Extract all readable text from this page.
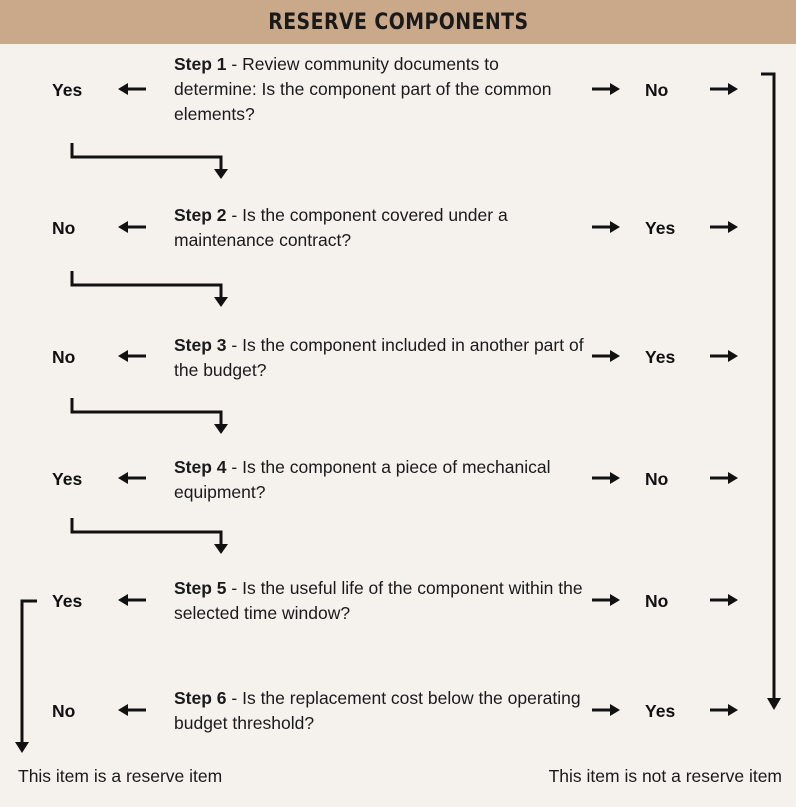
RESERVE COMPONENTS
Step 1 - Review community documents to determine: Is the component part of the common elements?
Step 2 - Is the component covered under a maintenance contract?
Step 3 - Is the component included in another part of the budget?
Step 4 - Is the component a piece of mechanical equipment?
Step 5 - Is the useful life of the component within the selected time window?
Step 6 - Is the replacement cost below the operating budget threshold?
Yes
No
No
Yes
Yes
No
No
Yes
Yes
No
No
Yes
This item is a reserve item	This item is not a reserve item
